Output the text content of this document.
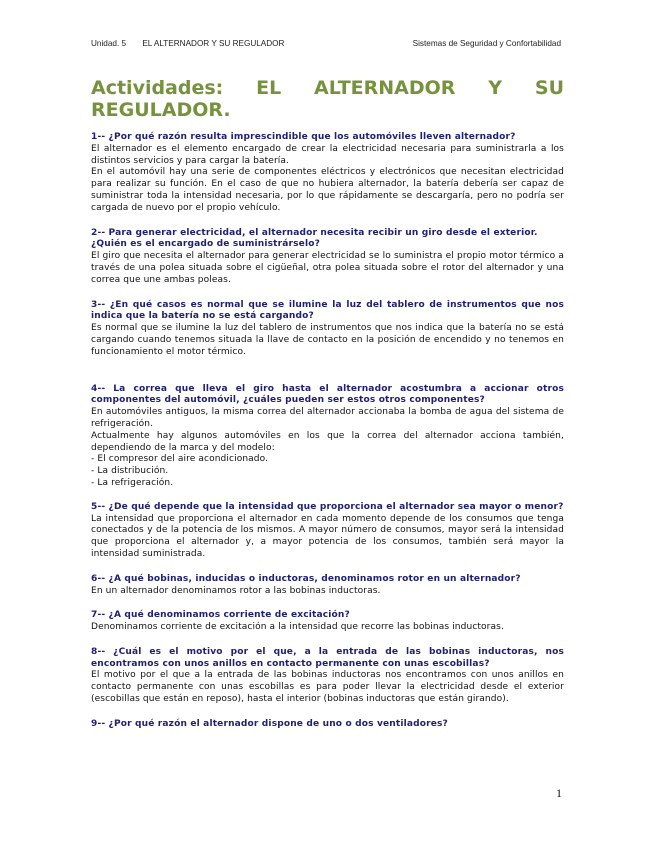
Unidad. 5 EL ALTERNADOR Y SU REGULADOR	Sistemas de Seguridad y Confortabilidad
Actividades: EL ALTERNADOR Y SU
REGULADOR.
1-- ¿Por qué razón resulta imprescindible que los automóviles lleven alternador?
El alternador es el elemento encargado de crear la electricidad necesaria para suministrarla a los distintos servicios y para cargar la batería.
En el automóvil hay una serie de componentes eléctricos y electrónicos que necesitan electricidad para realizar su función. En el caso de que no hubiera alternador, la batería debería ser capaz de suministrar toda la intensidad necesaria, por lo que rápidamente se descargaría, pero no podría ser cargada de nuevo por el propio vehículo.
2-- Para generar electricidad, el alternador necesita recibir un giro desde el exterior.
¿Quién es el encargado de suministrárselo?
El giro que necesita el alternador para generar electricidad se lo suministra el propio motor térmico a través de una polea situada sobre el cigüeñal, otra polea situada sobre el rotor del alternador y una correa que une ambas poleas.
3-- ¿En qué casos es normal que se ilumine la luz del tablero de instrumentos que nos indica que la batería no se está cargando?
Es normal que se ilumine la luz del tablero de instrumentos que nos indica que la batería no se está cargando cuando tenemos situada la llave de contacto en la posición de encendido y no tenemos en funcionamiento el motor térmico.
4-- La correa que lleva el giro hasta el alternador acostumbra a accionar otros componentes del automóvil, ¿cuáles pueden ser estos otros componentes?
En automóviles antiguos, la misma correa del alternador accionaba la bomba de agua del sistema de refrigeración.
Actualmente hay algunos automóviles en los que la correa del alternador acciona también, dependiendo de la marca y del modelo:
- El compresor del aire acondicionado.
- La distribución.
- La refrigeración.
5-- ¿De qué depende que la intensidad que proporciona el alternador sea mayor o menor?
La intensidad que proporciona el alternador en cada momento depende de los consumos que tenga conectados y de la potencia de los mismos. A mayor número de consumos, mayor será la intensidad que proporciona el alternador y, a mayor potencia de los consumos, también será mayor la intensidad suministrada.
6-- ¿A qué bobinas, inducidas o inductoras, denominamos rotor en un alternador?
En un alternador denominamos rotor a las bobinas inductoras.
7-- ¿A qué denominamos corriente de excitación?
Denominamos corriente de excitación a la intensidad que recorre las bobinas inductoras.
8-- ¿Cuál es el motivo por el que, a la entrada de las bobinas inductoras, nos encontramos con unos anillos en contacto permanente con unas escobillas?
El motivo por el que a la entrada de las bobinas inductoras nos encontramos con unos anillos en contacto permanente con unas escobillas es para poder llevar la electricidad desde el exterior (escobillas que están en reposo), hasta el interior (bobinas inductoras que están girando).
9-- ¿Por qué razón el alternador dispone de uno o dos ventiladores?
1
